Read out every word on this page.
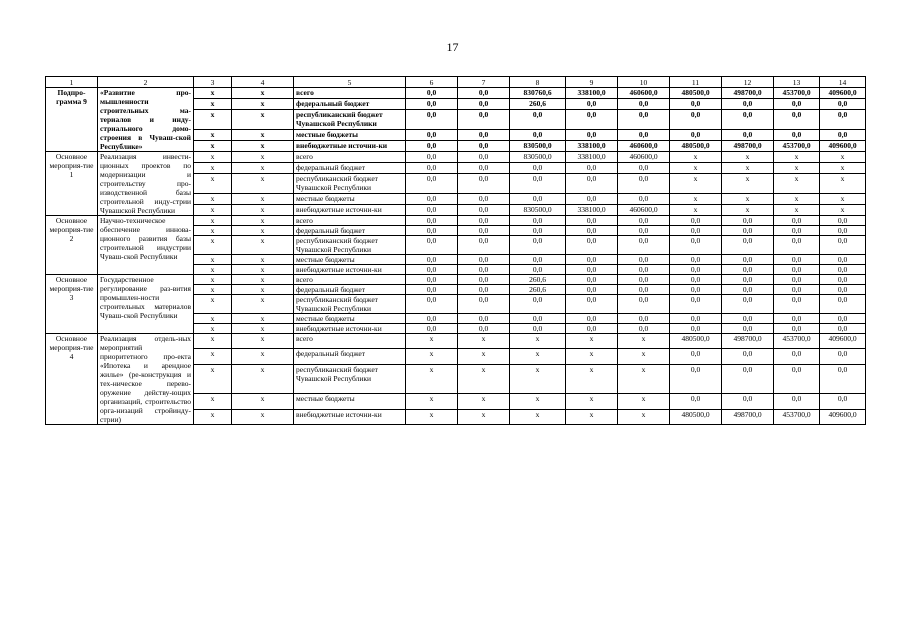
17
1	2	3	4	5	6	7	8	9	10	11	12	13	14
Подпро-грамма 9	«Развитие про-мышленности строительных ма-териалов и инду-стриального домо-строения в Чуваш-ской Республике»	x	x	всего	0,0	0,0	830760,6	338100,0	460600,0	480500,0	498700,0	453700,0	409600,0
		x	x	федеральный бюджет	0,0	0,0	260,6	0,0	0,0	0,0	0,0	0,0	0,0
		x	x	республиканский бюджет Чувашской Республики	0,0	0,0	0,0	0,0	0,0	0,0	0,0	0,0	0,0
		x	x	местные бюджеты	0,0	0,0	0,0	0,0	0,0	0,0	0,0	0,0	0,0
		x	x	внебюджетные источни-ки	0,0	0,0	830500,0	338100,0	460600,0	480500,0	498700,0	453700,0	409600,0
Основное мероприя-тие 1	Реализация инвести-ционных проектов по модернизации и строительству про-изводственной базы строительной инду-стрии Чувашской Республики	x	x	всего	0,0	0,0	830500,0	338100,0	460600,0	x	x	x	x
		x	x	федеральный бюджет	0,0	0,0	0,0	0,0	0,0	x	x	x	x
		x	x	республиканский бюджет Чувашской Республики	0,0	0,0	0,0	0,0	0,0	x	x	x	x
		x	x	местные бюджеты	0,0	0,0	0,0	0,0	0,0	x	x	x	x
		x	x	внебюджетные источни-ки	0,0	0,0	830500,0	338100,0	460600,0	x	x	x	x
Основное мероприя-тие 2	Научно-техническое обеспечение иннова-ционного развития базы строительной индустрии Чуваш-ской Республики	x	x	всего	0,0	0,0	0,0	0,0	0,0	0,0	0,0	0,0	0,0
		x	x	федеральный бюджет	0,0	0,0	0,0	0,0	0,0	0,0	0,0	0,0	0,0
		x	x	республиканский бюджет Чувашской Республики	0,0	0,0	0,0	0,0	0,0	0,0	0,0	0,0	0,0
		x	x	местные бюджеты	0,0	0,0	0,0	0,0	0,0	0,0	0,0	0,0	0,0
		x	x	внебюджетные источни-ки	0,0	0,0	0,0	0,0	0,0	0,0	0,0	0,0	0,0
Основное мероприя-тие 3	Государственное регулирование раз-вития промышлен-ности строительных материалов Чуваш-ской Республики	x	x	всего	0,0	0,0	260,6	0,0	0,0	0,0	0,0	0,0	0,0
		x	x	федеральный бюджет	0,0	0,0	260,6	0,0	0,0	0,0	0,0	0,0	0,0
		x	x	республиканский бюджет Чувашской Республики	0,0	0,0	0,0	0,0	0,0	0,0	0,0	0,0	0,0
		x	x	местные бюджеты	0,0	0,0	0,0	0,0	0,0	0,0	0,0	0,0	0,0
		x	x	внебюджетные источни-ки	0,0	0,0	0,0	0,0	0,0	0,0	0,0	0,0	0,0
Основное мероприя-тие 4	Реализация отдель-ных мероприятий приоритетного про-екта «Ипотека и арендное жилье» (ре-конструкция и тех-ническое перево-оружение действу-ющих организаций, строительство орга-низаций стройинду-стрии)	x	x	всего	x	x	x	x	x	480500,0	498700,0	453700,0	409600,0
		x	x	федеральный бюджет	x	x	x	x	x	0,0	0,0	0,0	0,0
		x	x	республиканский бюджет Чувашской Республики	x	x	x	x	x	0,0	0,0	0,0	0,0
		x	x	местные бюджеты	x	x	x	x	x	0,0	0,0	0,0	0,0
		x	x	внебюджетные источни-ки	x	x	x	x	x	480500,0	498700,0	453700,0	409600,0
